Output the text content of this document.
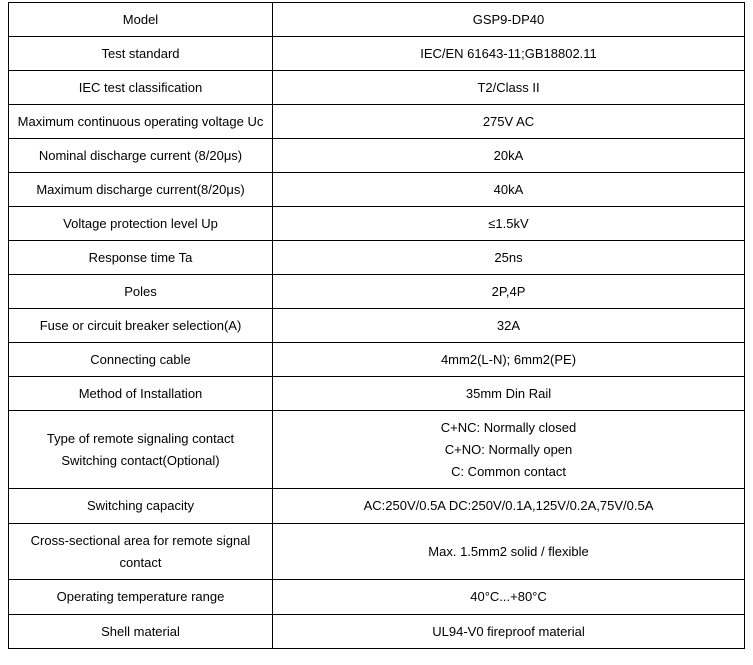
Model	GSP9-DP40
Test standard	IEC/EN 61643-11;GB18802.11
IEC test classification	T2/Class II
Maximum continuous operating voltage Uc	275V AC
Nominal discharge current (8/20μs)	20kA
Maximum discharge current(8/20μs)	40kA
Voltage protection level Up	≤1.5kV
Response time Ta	25ns
Poles	2P,4P
Fuse or circuit breaker selection(A)	32A
Connecting cable	4mm2(L-N); 6mm2(PE)
Method of Installation	35mm Din Rail

Type of remote signaling contact
Switching contact(Optional)	C+NC: Normally closed
C+NO: Normally open
C: Common contact

Switching capacity	AC:250V/0.5A DC:250V/0.1A,125V/0.2A,75V/0.5A

Cross-sectional area for remote signal
contact	Max. 1.5mm2 solid / flexible
Operating temperature range	40°C...+80°C
Shell material	UL94-V0 fireproof material
